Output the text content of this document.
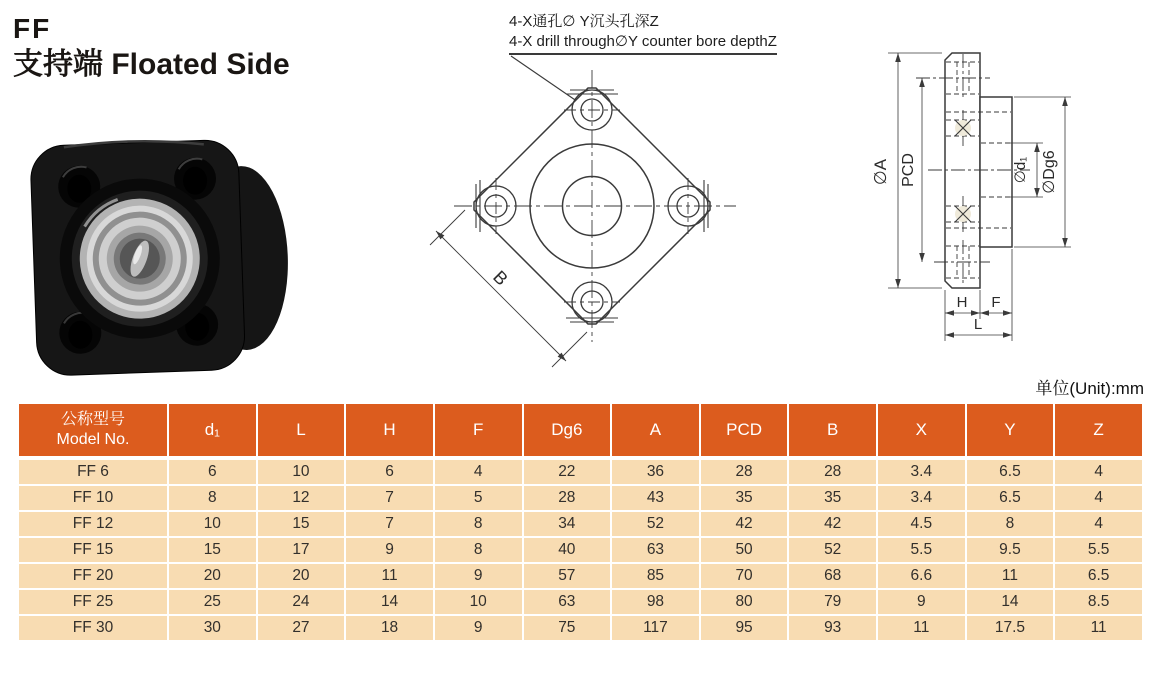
FF
支持端 Floated Side
4-X通孔∅ Y沉头孔深Z
4-X drill through∅Y counter bore depthZ
B
∅A PCD	∅d₁ ∅Dg6
H F
L
单位(Unit):mm
公称型号
Model No.	d₁	L	H	F	Dg6	A	PCD	B	X	Y	Z
FF 6	6	10	6	4	22	36	28	28	3.4	6.5	4
FF 10	8	12	7	5	28	43	35	35	3.4	6.5	4
FF 12	10	15	7	8	34	52	42	42	4.5	8	4
FF 15	15	17	9	8	40	63	50	52	5.5	9.5	5.5
FF 20	20	20	11	9	57	85	70	68	6.6	11	6.5
FF 25	25	24	14	10	63	98	80	79	9	14	8.5
FF 30	30	27	18	9	75	117	95	93	11	17.5	11
